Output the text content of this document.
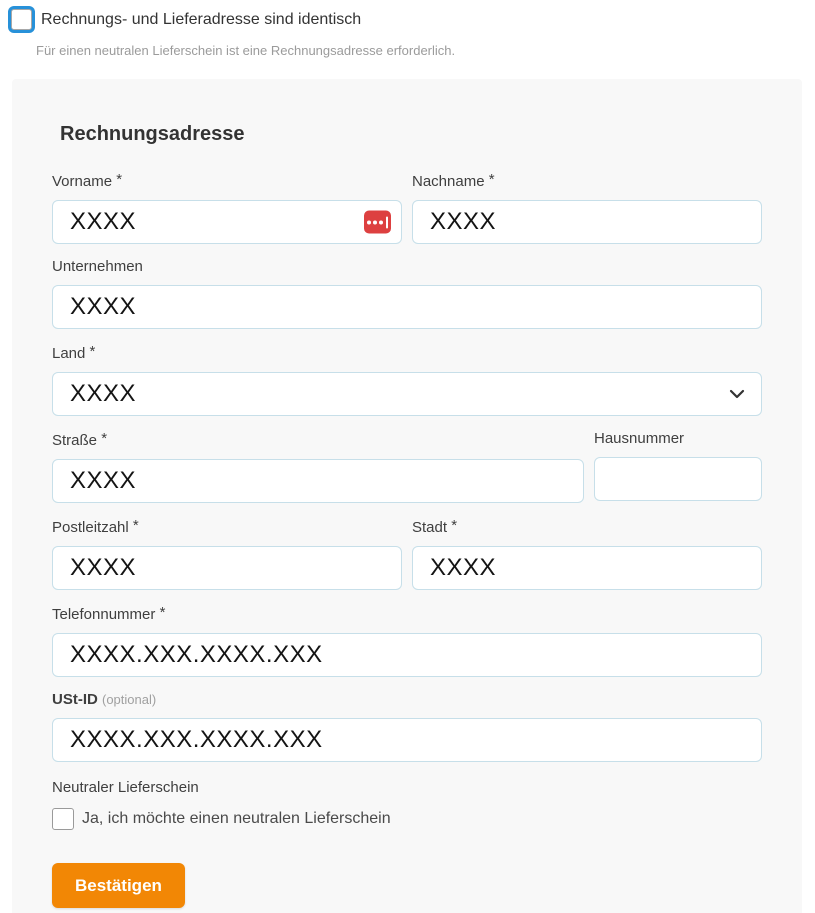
Rechnungs- und Lieferadresse sind identisch
Für einen neutralen Lieferschein ist eine Rechnungsadresse erforderlich.
Rechnungsadresse
Vorname *
XXXX	Nachname *
XXXX
Unternehmen
XXXX
Land *
XXXX
Straße *
XXXX	Hausnummer
Postleitzahl *
XXXX	Stadt *
XXXX
Telefonnummer *
XXXX.XXX.XXXX.XXX
USt-ID (optional)
XXXX.XXX.XXXX.XXX
Neutraler Lieferschein
Ja, ich möchte einen neutralen Lieferschein
Bestätigen
